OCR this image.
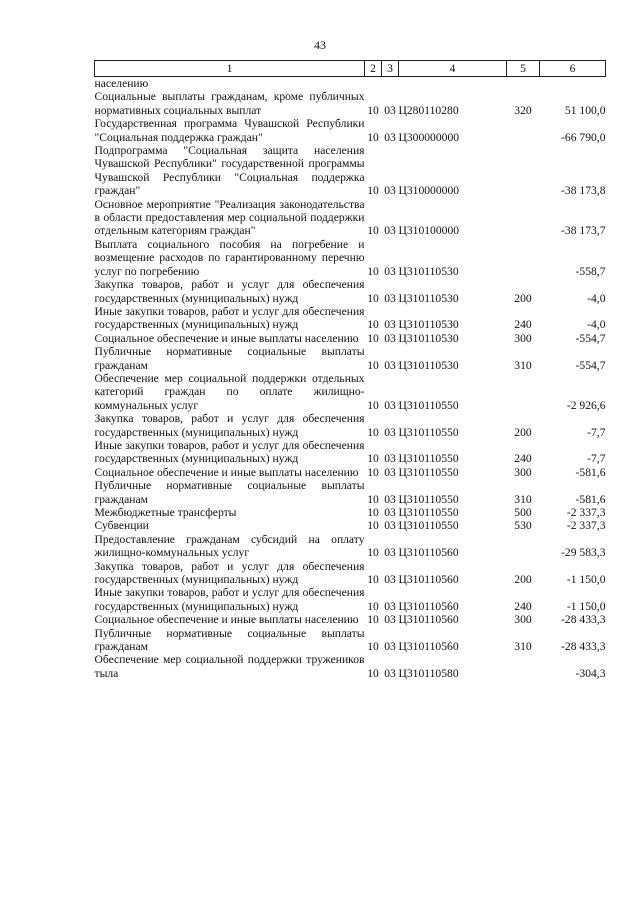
43
1	2	3	4	5	6
населению					
Социальные выплаты гражданам, кроме публичных нормативных социальных выплат	10	03	Ц280110280	320	51 100,0
Государственная программа Чувашской Республики "Социальная поддержка граждан"	10	03	Ц300000000		-66 790,0
Подпрограмма "Социальная защита населения Чувашской Республики" государственной программы Чувашской Республики "Социальная поддержка граждан"	10	03	Ц310000000		-38 173,8
Основное мероприятие "Реализация законодательства в области предоставления мер социальной поддержки отдельным категориям граждан"	10	03	Ц310100000		-38 173,7
Выплата социального пособия на погребение и возмещение расходов по гарантированному перечню услуг по погребению	10	03	Ц310110530		-558,7
Закупка товаров, работ и услуг для обеспечения государственных (муниципальных) нужд	10	03	Ц310110530	200	-4,0
Иные закупки товаров, работ и услуг для обеспечения государственных (муниципальных) нужд	10	03	Ц310110530	240	-4,0
Социальное обеспечение и иные выплаты населению	10	03	Ц310110530	300	-554,7
Публичные нормативные социальные выплаты гражданам	10	03	Ц310110530	310	-554,7
Обеспечение мер социальной поддержки отдельных категорий граждан по оплате жилищно-коммунальных услуг	10	03	Ц310110550		-2 926,6
Закупка товаров, работ и услуг для обеспечения государственных (муниципальных) нужд	10	03	Ц310110550	200	-7,7
Иные закупки товаров, работ и услуг для обеспечения государственных (муниципальных) нужд	10	03	Ц310110550	240	-7,7
Социальное обеспечение и иные выплаты населению	10	03	Ц310110550	300	-581,6
Публичные нормативные социальные выплаты гражданам	10	03	Ц310110550	310	-581,6
Межбюджетные трансферты	10	03	Ц310110550	500	-2 337,3
Субвенции	10	03	Ц310110550	530	-2 337,3
Предоставление гражданам субсидий на оплату жилищно-коммунальных услуг	10	03	Ц310110560		-29 583,3
Закупка товаров, работ и услуг для обеспечения государственных (муниципальных) нужд	10	03	Ц310110560	200	-1 150,0
Иные закупки товаров, работ и услуг для обеспечения государственных (муниципальных) нужд	10	03	Ц310110560	240	-1 150,0
Социальное обеспечение и иные выплаты населению	10	03	Ц310110560	300	-28 433,3
Публичные нормативные социальные выплаты гражданам	10	03	Ц310110560	310	-28 433,3
Обеспечение мер социальной поддержки тружеников тыла	10	03	Ц310110580		-304,3
